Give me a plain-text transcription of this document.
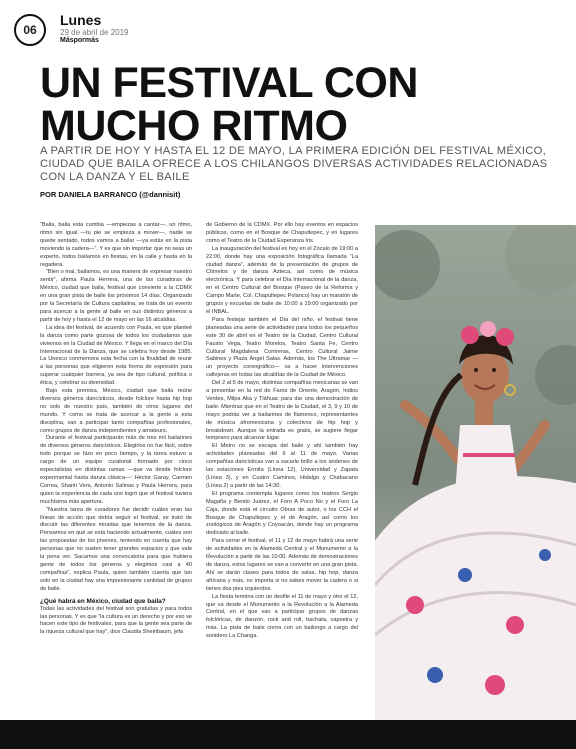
06
Lunes
29 de abril de 2019
Máspormás
UN FESTIVAL CON MUCHO RITMO
A PARTIR DE HOY Y HASTA EL 12 DE MAYO, LA PRIMERA EDICIÓN DEL FESTIVAL MÉXICO, CIUDAD QUE BAILA OFRECE A LOS CHILANGOS DIVERSAS ACTIVIDADES RELACIONADAS CON LA DANZA Y EL BAILE
POR DANIELA BARRANCO (@dannisit)

“Baila, baila esta cumbia —empiezas a cantar—, un ritmo, ritmo sin igual —tu pie se empieza a mover—, nadie se quede sentado, todos vamos a bailar —ya estás en la pista moviendo la cadera—”. Y es que sin importar que no seas un experto, todos bailamos en fiestas, en la calle y hasta en la regadera.

“Bien o mal, bailamos, es una manera de expresar nuestro sentir”, afirma Paula Herrera, una de las curadoras de México, ciudad que baila, festival que convierte a la CDMX en una gran pista de baile los próximos 14 días. Organizado por la Secretaría de Cultura capitalina, se trata de un evento para acercar a la gente al baile en sus distintos géneros a partir de hoy y hasta el 12 de mayo en las 16 alcaldías.

La idea del festival, de acuerdo con Paula, es que planteé la danza como parte gozosa de todos los ciudadanos que viviemos en la Ciudad de México. Y llega en el marco del Día Internacional de la Danza, que se celebra hoy desde 1985. La Unesco conmemora esta fecha con la finalidad de reunir a las personas que eligieron esta forma de expresión para superar cualquier barrera, ya sea de tipo cultural, política o ética, y celebrar su diversidad.

Bajo esta premisa, México, ciudad que baila reúne diversos géneros dancísticos, desde folclore hasta hip hop no solo de nuestro país, también de otros lugares del mundo. Y como se trata de acercar a la gente a esta disciplina, van a participar tanto compañías profesionales, como grupos de danza independientes y amateurs.

Durante el festival participarán más de tres mil bailarines de diversos géneros dancísticos. Elegirlos no fue fácil, sobre todo porque se hizo en poco tiempo, y la tarea estuvo a cargo de un equipo curatorial formado por cinco especialistas en distintas ramas —que va desde folclore experimental hasta danza clásica—: Héctor Garay, Carmen Correa, Shanti Vera, Antonio Salinas y Paula Herrera, para quien la experiencia de cada uno logró que el festival tuviera muchísima más apertura.

“Nuestra tarea de curadores fue decidir cuáles eran las líneas de acción que debía seguir el festival, se trató de discutir las diferentes miradas que tenemos de la danza. Pensamos en qué se está haciendo actualmente, cuáles son las propuestas de los jóvenes, teniendo en cuenta que hay personas que no suelen tener grandes espacios y que vale la pena ver. Sacamos una convocatoria para que hubiera gente de todos los géneros y elegimos casi a 40 compañías”, explica Paula, quien también cuenta que tan solo en la ciudad hay una impresionante cantidad de grupos de baile.

¿Qué habrá en México, ciudad que baila?

Todas las actividades del festival son gratuitas y para todos las personas. Y es que “la cultura es un derecho y por eso se hacen este tipo de festivales, para que la gente sea parte de la riqueza cultural que hay”, dice Claudia Sheinbaum, jefa

de Gobierno de la CDMX. Por ello hay eventos en espacios públicos, como en el Bosque de Chapultepec, y en lugares como el Teatro de la Ciudad Esperanza Iris.

La inauguración del festival es hoy en el Zócalo de 19:00 a 22:00, donde hay una exposición fotográfica llamada “La ciudad danza”, además de la presentación de grupos de Chinelos y de danza Azteca, así como de música electrónica. Y para celebrar el Día Internacional de la danza, en el Centro Cultural del Bosque (Paseo de la Reforma y Campo Marte, Col. Chapultepec Polanco) hay un maratón de grupos y escuelas de baile de 10:00 a 19:00 organizado por el INBAL.

Para festejar también el Día del niño, el festival tiene planeadas una serie de actividades para todos los pequeños este 30 de abril en el Teatro de la Ciudad, Centro Cultural Fausto Vega, Teatro Morelos, Teatro Santa Fe, Centro Cultural Magdalena Contreras, Centro Cultural Jaime Sabines y Plaza Ángel Salas. Además, los The Ultramar —un proyecto coreográfico— va a hacer intervenciones callejeras en todas las alcaldías de la Ciudad de México.

Del 2 al 5 de mayo, distintas compañías mexicanas se van a presentar en la red de Faros de Oriente, Aragón, Indios Verdes, Milpa Alta y Tláhuac para dar una demostración de baile. Mientras que en el Teatro de la Ciudad, el 3, 9 y 10 de mayo podrás ver a bailarines de flamenco, representantes de música afromexicana y colectivos de hip hop y breakdown. Aunque la entrada es gratis, se sugiere llegar temprano para alcanzar lugar.

El Metro no se escapa del baile y ahí también hay actividades planeadas del 6 al 11 de mayo. Varias compañías dancísticas van a sacarle brillo a los andenes de las estaciones Ermita (Línea 12), Universidad y Zapata (Línea 3), y en Cuatro Caminos, Hidalgo y Chabacano (Línea 2) a partir de las 14:30.

El programa contempla lugares como los teatros Sergio Magaña y Benito Juárez, el Foro A Poco No y el Foro La Caja, donde está el circuito Obras de autor, o los CCH el Bosque de Chapultepec y el de Aragón, así como los zoológicos de Aragón y Coyoacán, donde hay un programa dedicado al baile.

Para cerrar el festival, el 11 y 12 de mayo habrá una serie de actividades en la Alameda Central y el Monumento a la Revolución a partir de las 10:00. Además de demostraciones de danza, estos lugares se van a convertir en una gran pista. Ahí se darán clases para todos de salsa, hip hop, danza africana y más, no importa si no sabes mover la cadera o si tienes dos pies izquierdos.

La fiesta termina con un desfile el 11 de mayo y otro el 12, que va desde el Monumento a la Revolución a la Alameda Central, en el que van a participar grupos de danzas folclóricas, de danzón, rock and roll, bachata, capoeira y más. La pista de baile cierra con un bailongo a cargo del sonidero La Changa.
